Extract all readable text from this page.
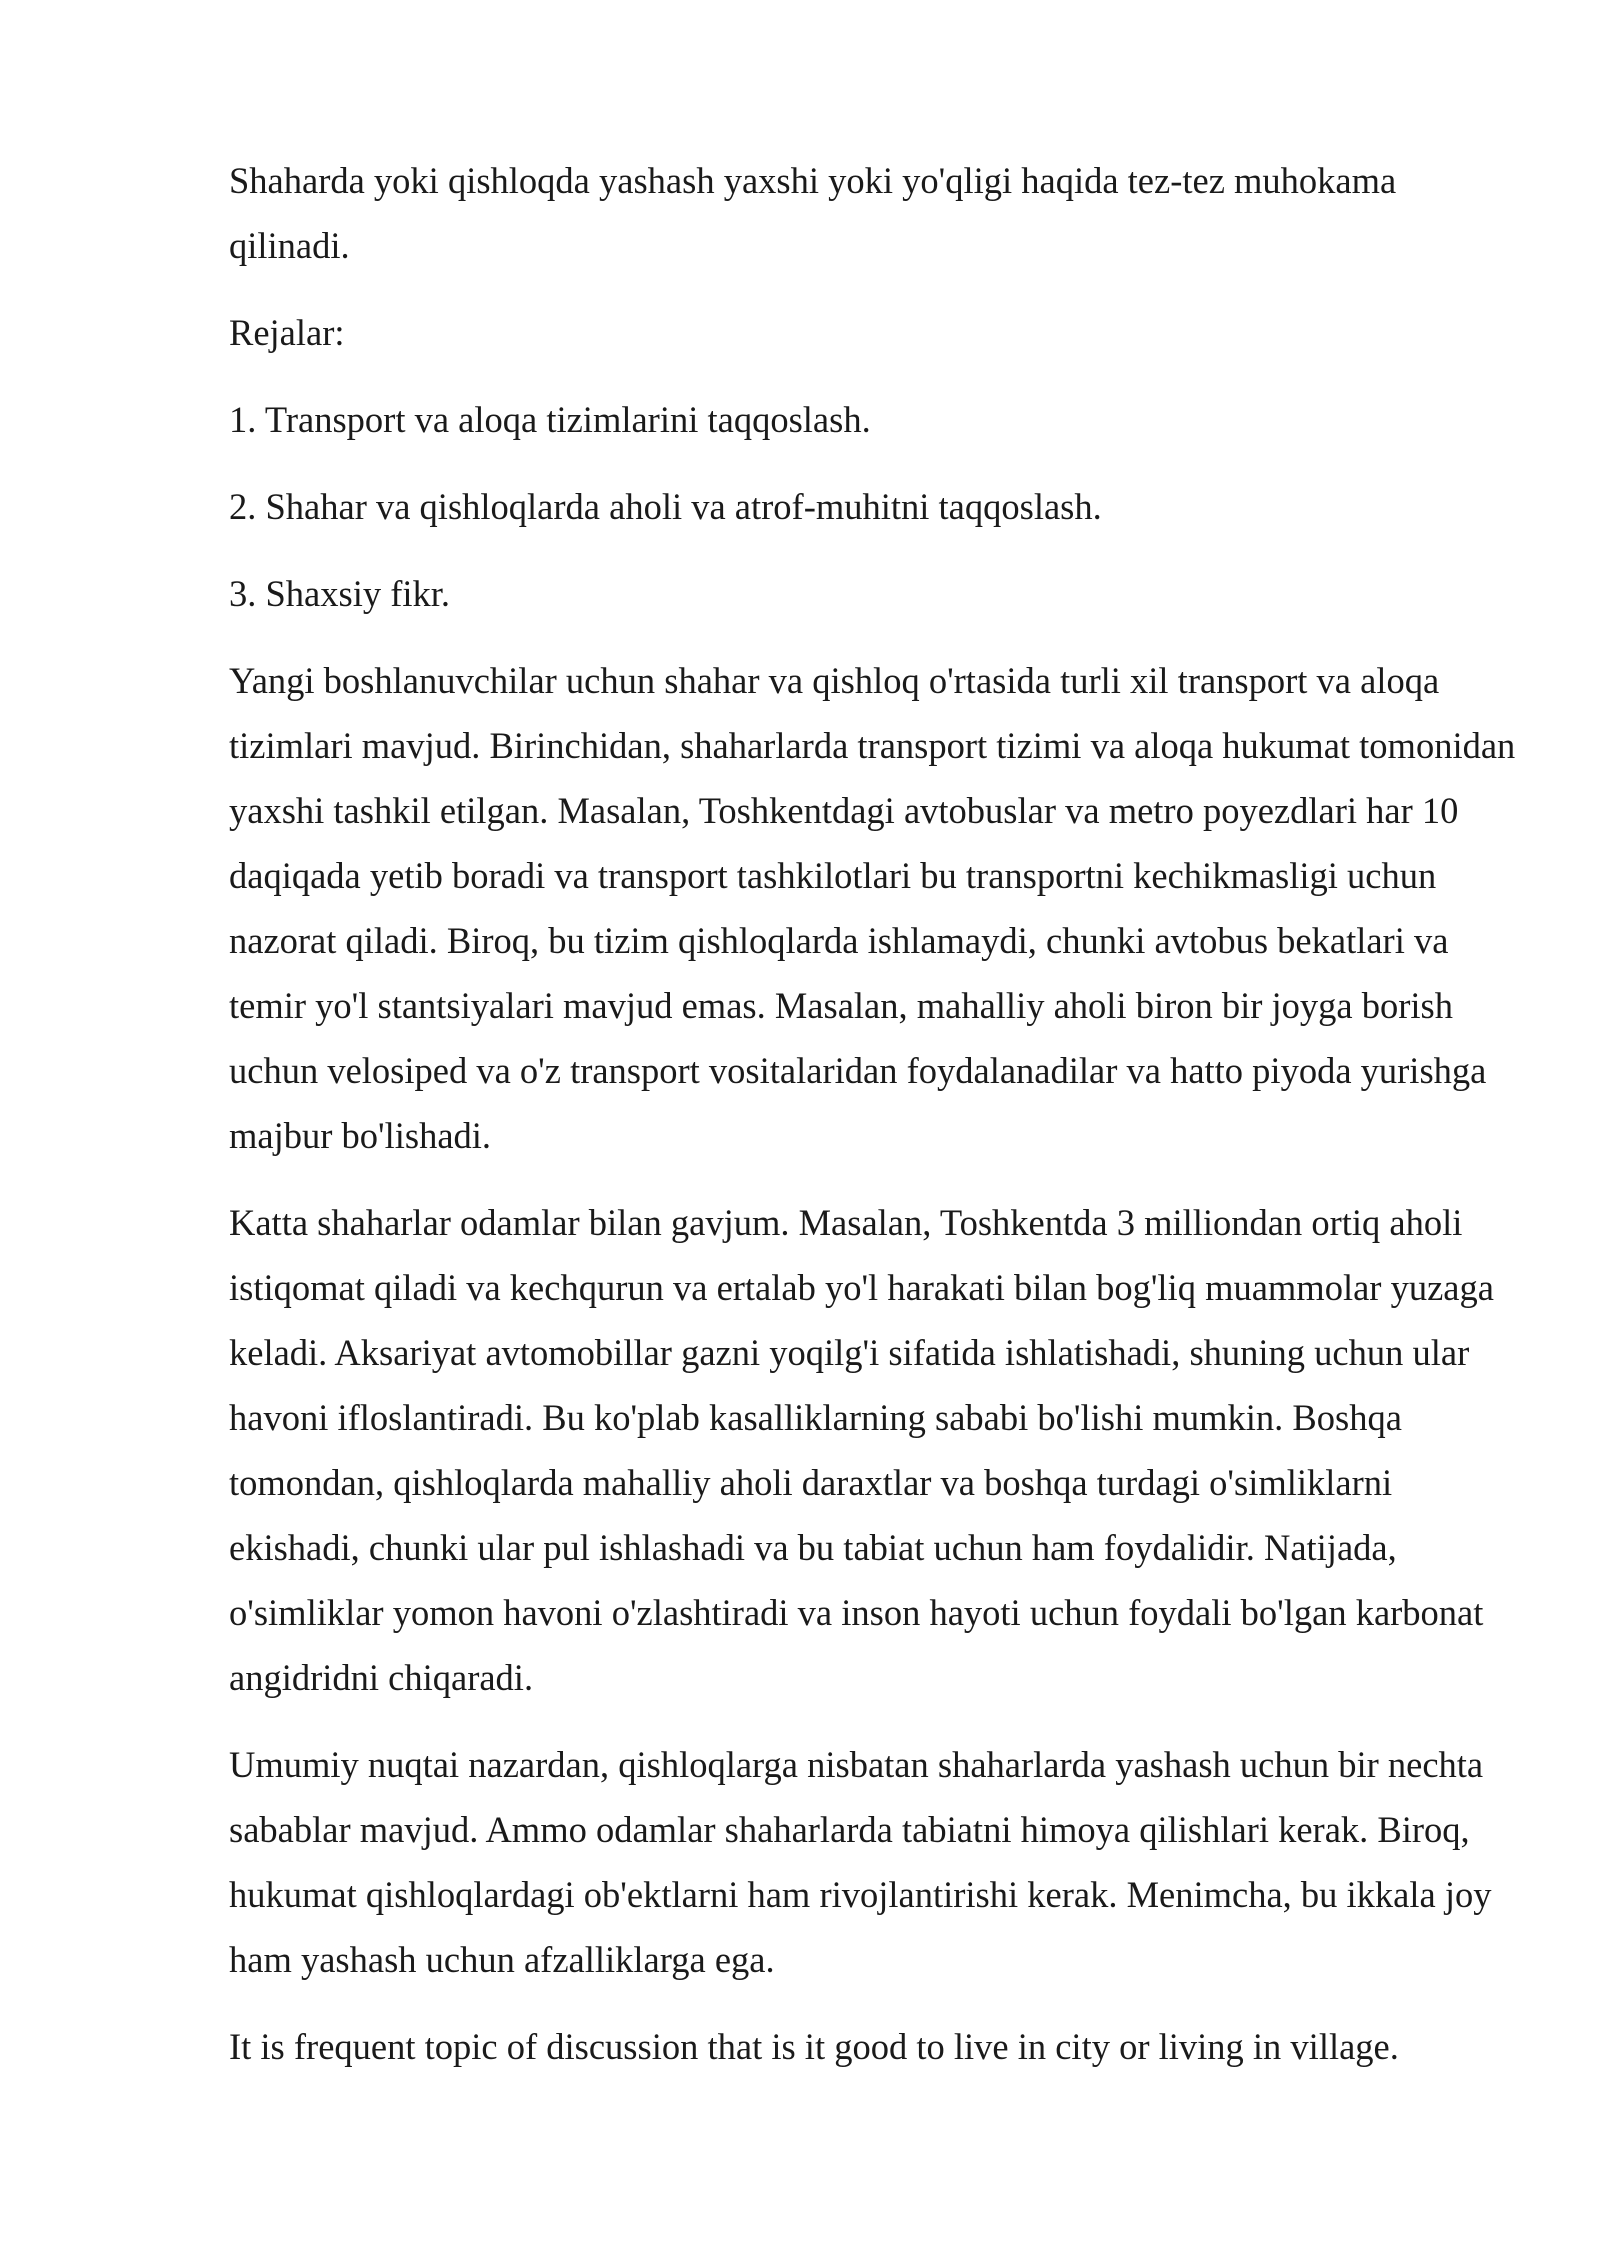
Shaharda yoki qishloqda yashash yaxshi yoki yo'qligi haqida tez-tez muhokama qilinadi.

Rejalar:

1. Transport va aloqa tizimlarini taqqoslash.

2. Shahar va qishloqlarda aholi va atrof-muhitni taqqoslash.

3. Shaxsiy fikr.

Yangi boshlanuvchilar uchun shahar va qishloq o'rtasida turli xil transport va aloqa tizimlari mavjud. Birinchidan, shaharlarda transport tizimi va aloqa hukumat tomonidan yaxshi tashkil etilgan. Masalan, Toshkentdagi avtobuslar va metro poyezdlari har 10 daqiqada yetib boradi va transport tashkilotlari bu transportni kechikmasligi uchun nazorat qiladi. Biroq, bu tizim qishloqlarda ishlamaydi, chunki avtobus bekatlari va temir yo'l stantsiyalari mavjud emas. Masalan, mahalliy aholi biron bir joyga borish uchun velosiped va o'z transport vositalaridan foydalanadilar va hatto piyoda yurishga majbur bo'lishadi.

Katta shaharlar odamlar bilan gavjum. Masalan, Toshkentda 3 milliondan ortiq aholi istiqomat qiladi va kechqurun va ertalab yo'l harakati bilan bog'liq muammolar yuzaga keladi. Aksariyat avtomobillar gazni yoqilg'i sifatida ishlatishadi, shuning uchun ular havoni ifloslantiradi. Bu ko'plab kasalliklarning sababi bo'lishi mumkin. Boshqa tomondan, qishloqlarda mahalliy aholi daraxtlar va boshqa turdagi o'simliklarni ekishadi, chunki ular pul ishlashadi va bu tabiat uchun ham foydalidir. Natijada, o'simliklar yomon havoni o'zlashtiradi va inson hayoti uchun foydali bo'lgan karbonat angidridni chiqaradi.

Umumiy nuqtai nazardan, qishloqlarga nisbatan shaharlarda yashash uchun bir nechta sabablar mavjud. Ammo odamlar shaharlarda tabiatni himoya qilishlari kerak. Biroq, hukumat qishloqlardagi ob'ektlarni ham rivojlantirishi kerak. Menimcha, bu ikkala joy ham yashash uchun afzalliklarga ega.

It is frequent topic of discussion that is it good to live in city or living in village.
